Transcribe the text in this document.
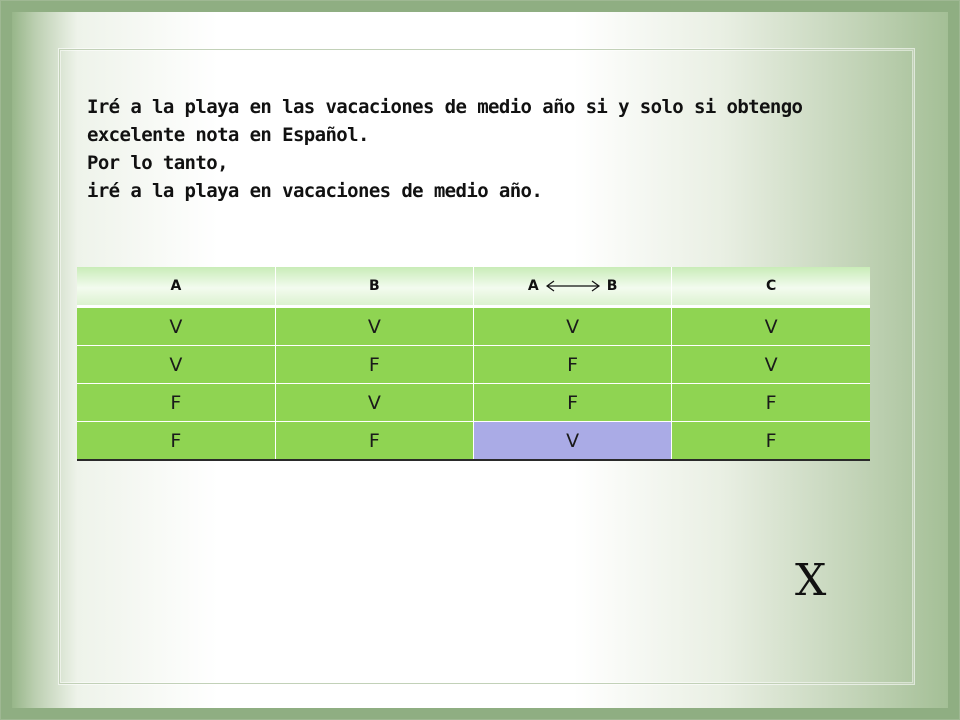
Iré a la playa en las vacaciones de medio año si y solo si obtengo
excelente nota en Español.
Por lo tanto,
iré a la playa en vacaciones de medio año.
A	B	A B	C
V	V	V	V
V	F	F	V
F	V	F	F
F	F	V	F
X
